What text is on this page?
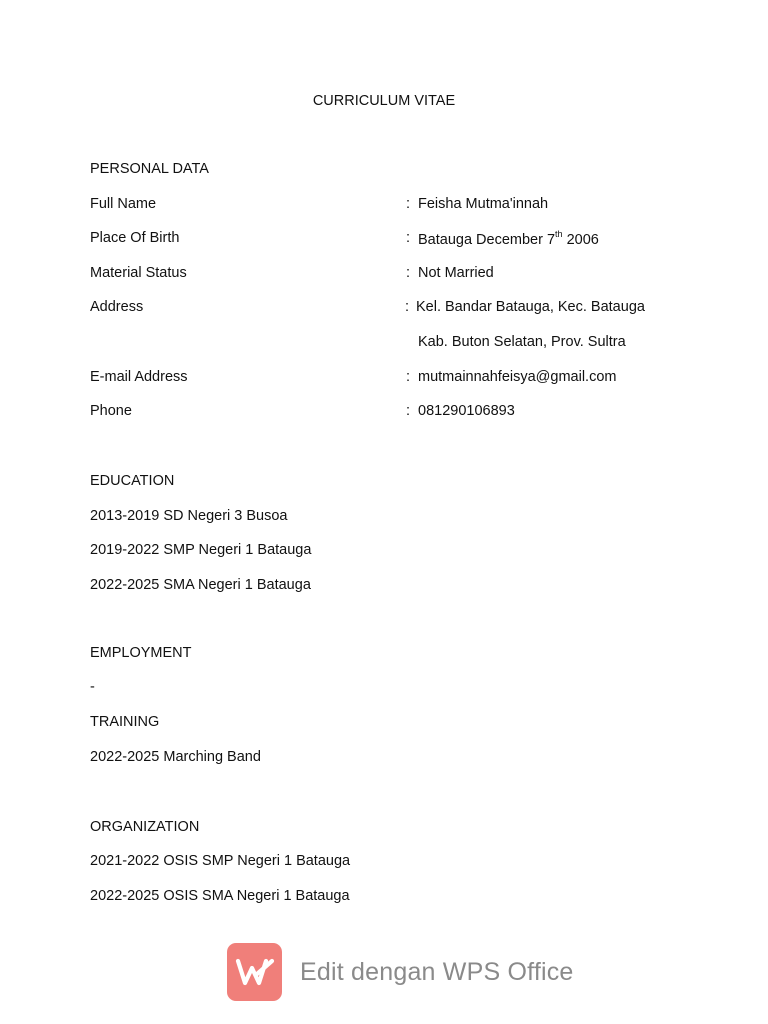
CURRICULUM VITAE
PERSONAL DATA
Full Name	: Feisha Mutma'innah
Place Of Birth	: Batauga December 7th 2006
Material Status	: Not Married
Address	: Kel. Bandar Batauga, Kec. Batauga
Kab. Buton Selatan, Prov. Sultra
E-mail Address	: mutmainnahfeisya@gmail.com
Phone	: 081290106893
EDUCATION
2013-2019 SD Negeri 3 Busoa
2019-2022 SMP Negeri 1 Batauga
2022-2025 SMA Negeri 1 Batauga
EMPLOYMENT
-
TRAINING
2022-2025 Marching Band
ORGANIZATION
2021-2022 OSIS SMP Negeri 1 Batauga
2022-2025 OSIS SMA Negeri 1 Batauga
Edit dengan WPS Office
